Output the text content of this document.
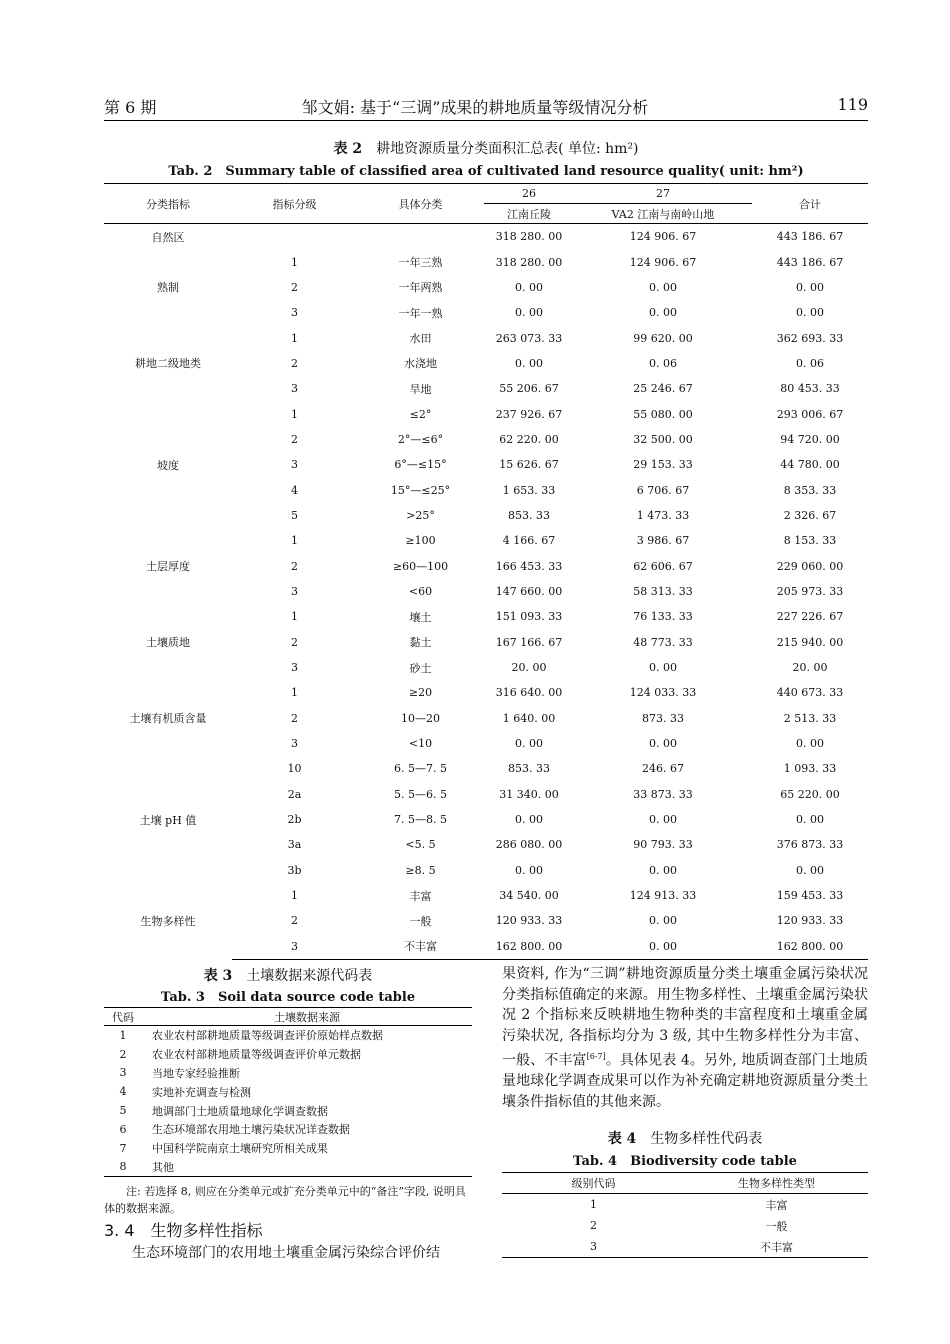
第 6 期	邹文娟: 基于“三调”成果的耕地质量等级情况分析	119
表 2　 耕地资源质量分类面积汇总表( 单位: hm²)
Tab. 2　 Summary table of classified area of cultivated land resource quality( unit: hm²)
分类指标	指标分级	具体分类	26	27	合计
			江南丘陵	VA2 江南与南岭山地	
自然区			318 280. 00	124 906. 67	443 186. 67
熟制	1	一年三熟	318 280. 00	124 906. 67	443 186. 67
	2	一年两熟	0. 00	0. 00	0. 00
	3	一年一熟	0. 00	0. 00	0. 00
耕地二级地类	1	水田	263 073. 33	99 620. 00	362 693. 33
	2	水浇地	0. 00	0. 06	0. 06
	3	旱地	55 206. 67	25 246. 67	80 453. 33
坡度	1	≤2°	237 926. 67	55 080. 00	293 006. 67
	2	2°—≤6°	62 220. 00	32 500. 00	94 720. 00
	3	6°—≤15°	15 626. 67	29 153. 33	44 780. 00
	4	15°—≤25°	1 653. 33	6 706. 67	8 353. 33
	5	>25°	853. 33	1 473. 33	2 326. 67
土层厚度	1	≥100	4 166. 67	3 986. 67	8 153. 33
	2	≥60—100	166 453. 33	62 606. 67	229 060. 00
	3	<60	147 660. 00	58 313. 33	205 973. 33
土壤质地	1	壤土	151 093. 33	76 133. 33	227 226. 67
	2	黏土	167 166. 67	48 773. 33	215 940. 00
	3	砂土	20. 00	0. 00	20. 00
土壤有机质含量	1	≥20	316 640. 00	124 033. 33	440 673. 33
	2	10—20	1 640. 00	873. 33	2 513. 33
	3	<10	0. 00	0. 00	0. 00
土壤 pH 值	10	6. 5—7. 5	853. 33	246. 67	1 093. 33
	2a	5. 5—6. 5	31 340. 00	33 873. 33	65 220. 00
	2b	7. 5—8. 5	0. 00	0. 00	0. 00
	3a	<5. 5	286 080. 00	90 793. 33	376 873. 33
	3b	≥8. 5	0. 00	0. 00	0. 00
生物多样性	1	丰富	34 540. 00	124 913. 33	159 453. 33
	2	一般	120 933. 33	0. 00	120 933. 33
	3	不丰富	162 800. 00	0. 00	162 800. 00
表 3　 土壤数据来源代码表
Tab. 3　 Soil data source code table
代码	土壤数据来源
1	农业农村部耕地质量等级调查评价原始样点数据
2	农业农村部耕地质量等级调查评价单元数据
3	当地专家经验推断
4	实地补充调查与检测
5	地调部门土地质量地球化学调查数据
6	生态环境部农用地土壤污染状况详查数据
7	中国科学院南京土壤研究所相关成果
8	其他
注: 若选择 8, 则应在分类单元或扩充分类单元中的“备注”字段, 说明具体的数据来源。
3. 4　生物多样性指标
生态环境部门的农用地土壤重金属污染综合评价结
果资料, 作为“三调”耕地资源质量分类土壤重金属污染状况分类指标值确定的来源。用生物多样性、土壤重金属污染状况 2 个指标来反映耕地生物种类的丰富程度和土壤重金属污染状况, 各指标均分为 3 级, 其中生物多样性分为丰富、一般、不丰富[6-7]。具体见表 4。另外, 地质调查部门土地质量地球化学调查成果可以作为补充确定耕地资源质量分类土壤条件指标值的其他来源。
表 4　 生物多样性代码表
Tab. 4　 Biodiversity code table
级别代码	生物多样性类型
1	丰富
2	一般
3	不丰富
